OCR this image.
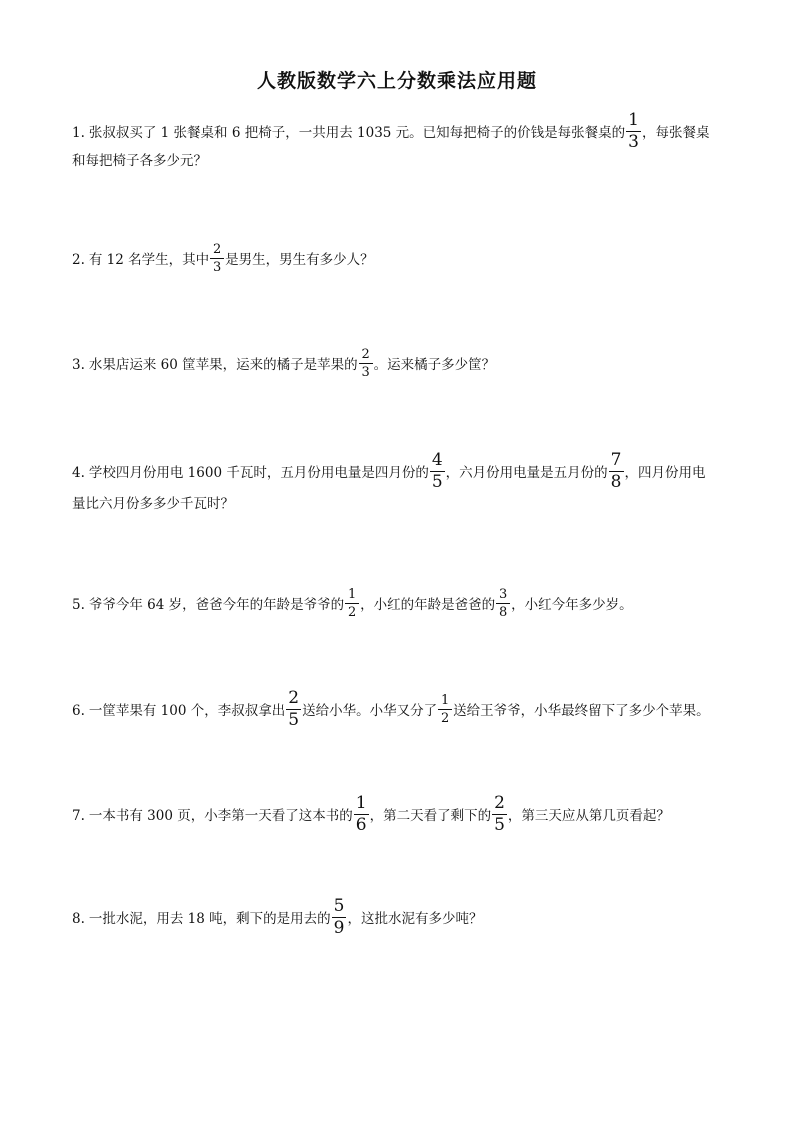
人教版数学六上分数乘法应用题
1. 张叔叔买了 1 张餐桌和 6 把椅子，一共用去 1035 元。已知每把椅子的价钱是每张餐桌的 $\frac{1}{3}$ ，每张餐桌
和每把椅子各多少元？
2. 有 12 名学生，其中 $\frac{2}{3}$ 是男生，男生有多少人？
3. 水果店运来 60 筐苹果，运来的橘子是苹果的 $\frac{2}{3}$ 。运来橘子多少筐？
4. 学校四月份用电 1600 千瓦时，五月份用电量是四月份的 $\frac{4}{5}$ ，六月份用电量是五月份的 $\frac{7}{8}$ ，四月份用电
量比六月份多多少千瓦时？
5. 爷爷今年 64 岁，爸爸今年的年龄是爷爷的 $\frac{1}{2}$ ，小红的年龄是爸爸的 $\frac{3}{8}$ ，小红今年多少岁。
6. 一筐苹果有 100 个，李叔叔拿出 $\frac{2}{5}$ 送给小华。小华又分了 $\frac{1}{2}$ 送给王爷爷，小华最终留下了多少个苹果。
7. 一本书有 300 页，小李第一天看了这本书的 $\frac{1}{6}$ ，第二天看了剩下的 $\frac{2}{5}$ ，第三天应从第几页看起？
8. 一批水泥，用去 18 吨，剩下的是用去的 $\frac{5}{9}$ ，这批水泥有多少吨？
